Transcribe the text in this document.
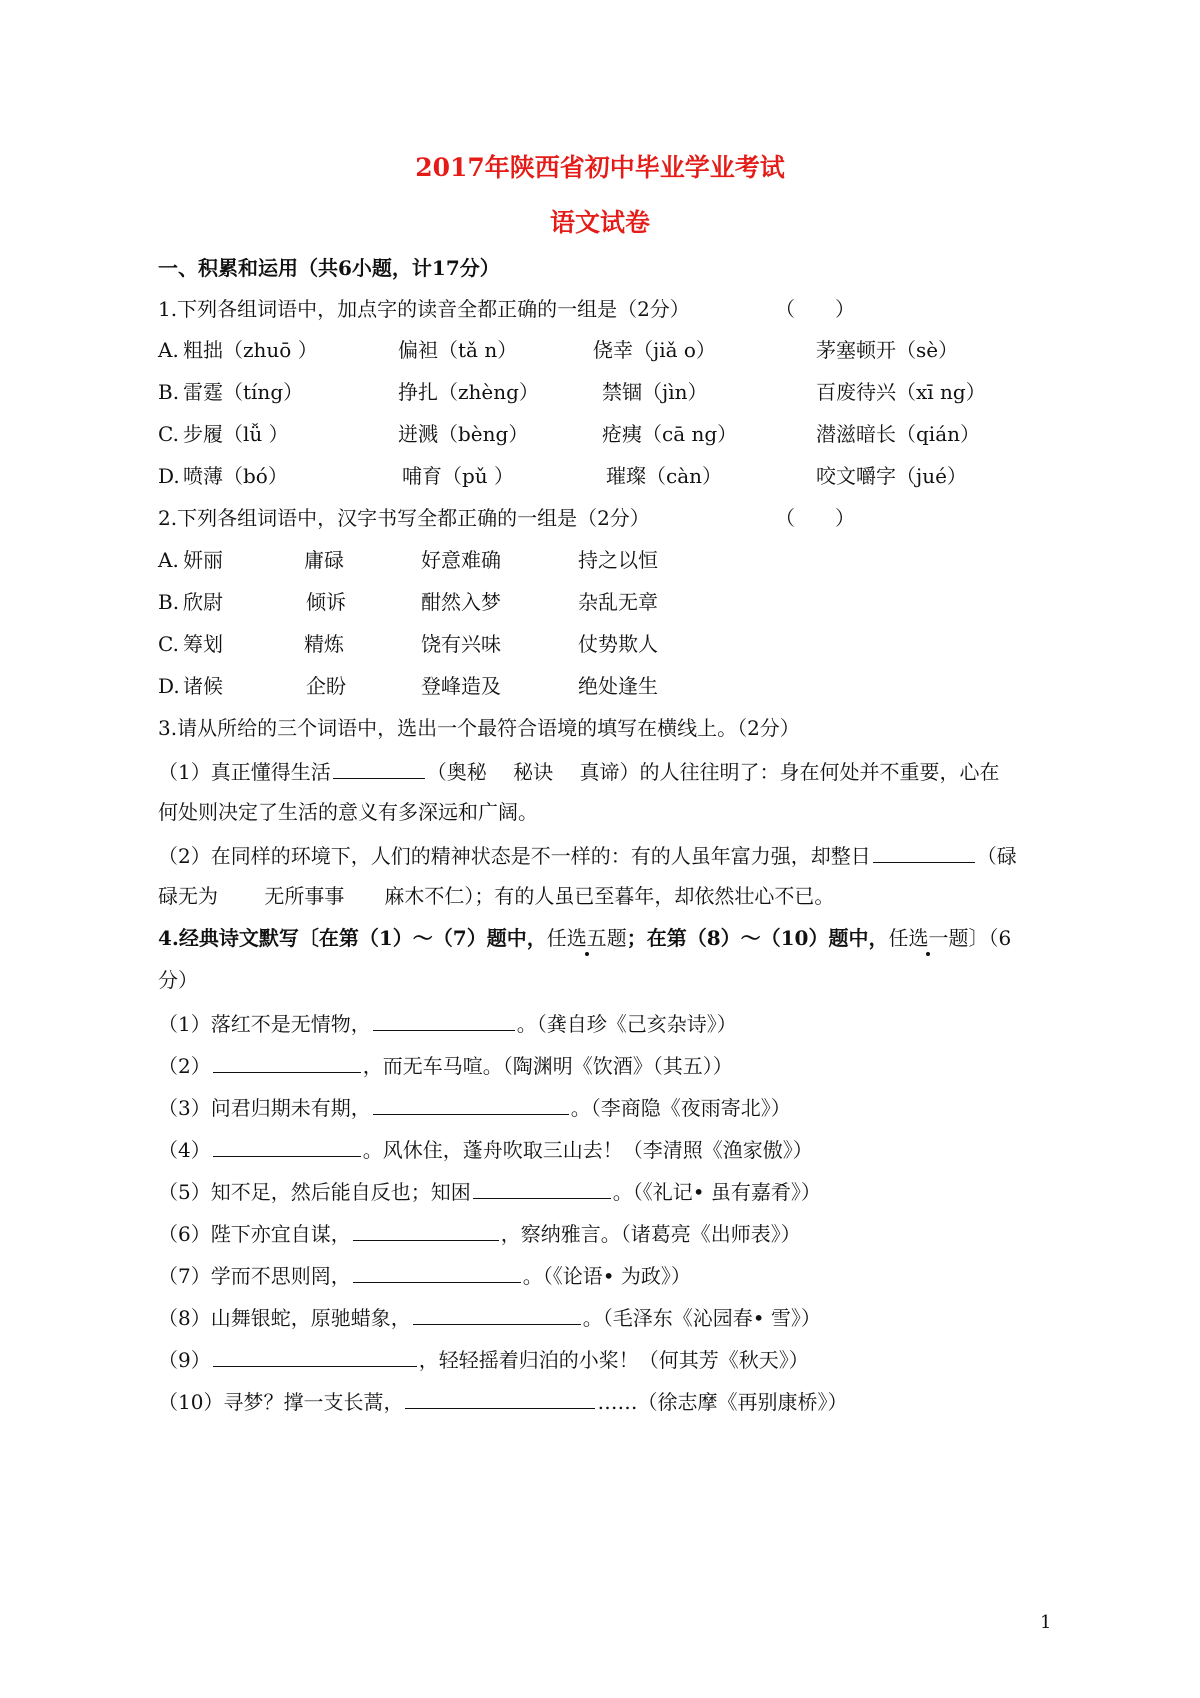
2017年陕西省初中毕业学业考试
语文试卷
一、积累和运用（共6小题，计17分）
1.下列各组词语中，加点字的读音全都正确的一组是（2分）	（　　）
A. 粗拙（zhuō ）	偏袒（tǎ n）	侥幸（jiǎ o）	茅塞顿开（sè）
B. 雷霆（tíng）	挣扎（zhèng）	禁锢（jìn）	百废待兴（xī ng）
C. 步履（lǚ ）	迸溅（bèng）	疮痍（cā ng）	潜滋暗长（qián）
D. 喷薄（bó）	哺育（pǔ ）	璀璨（càn）	咬文嚼字（jué）
2.下列各组词语中，汉字书写全都正确的一组是（2分）	（　　）
A. 妍丽	庸碌	好意难确	持之以恒
B. 欣尉	倾诉	酣然入梦	杂乱无章
C. 筹划	精炼	饶有兴味	仗势欺人
D. 诸候	企盼	登峰造及	绝处逢生
3.请从所给的三个词语中，选出一个最符合语境的填写在横线上。（2分）
（1）真正懂得生活	（奥秘　 秘诀　 真谛）的人往往明了：身在何处并不重要，心在
何处则决定了生活的意义有多深远和广阔。
（2）在同样的环境下，人们的精神状态是不一样的：有的人虽年富力强，却整日	（碌
碌无为　　 无所事事　　麻木不仁）；有的人虽已至暮年，却依然壮心不已。
4.经典诗文默写〔在第（1）～（7）题中，任选五题；在第（8）～（10）题中，任选一题〕（6
分）
（1）落红不是无情物，	。（龚自珍《己亥杂诗》）
（2）	，而无车马喧。（陶渊明《饮酒》（其五））
（3）问君归期未有期，	。（李商隐《夜雨寄北》）
（4）	。风休住，蓬舟吹取三山去！（李清照《渔家傲》）
（5）知不足，然后能自反也；知困	。（《礼记• 虽有嘉肴》）
（6）陛下亦宜自谋，	，察纳雅言。（诸葛亮《出师表》）
（7）学而不思则罔，	。（《论语• 为政》）
（8）山舞银蛇，原驰蜡象，	。（毛泽东《沁园春• 雪》）
（9）	，轻轻摇着归泊的小桨！（何其芳《秋天》）
（10）寻梦？撑一支长蒿，	……（徐志摩《再别康桥》）
1
